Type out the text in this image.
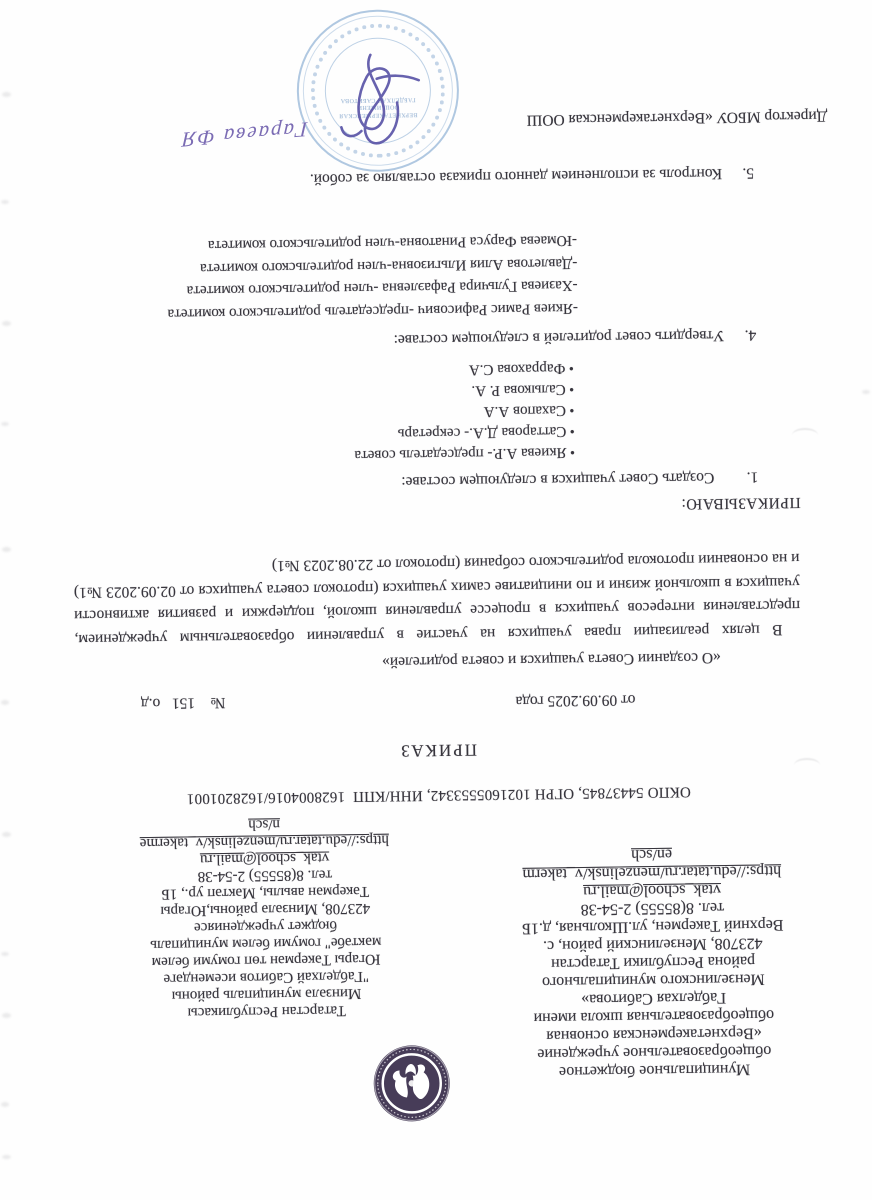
Муниципальное бюджетное
общеобразовательное учреждение
«Верхнетакерменская основная
общеобразовательная школа имени
Габделхая Сабитова»
Мензелинского муниципального
района Республики Татарстан
423708, Мензелинский район, с.
Верхний Такермен, ул.Школьная, д.1Б
тел. 8(85555) 2-54-38
vtak_school@mail.ru
https://edu.tatar.ru/menzelinsk/v_takerm
en/sch
Татарстан Республикасы
Минзәлә муниципаль районы
"Габделхай Сабитов исемендәге
Югары Тәкермән төп гомуми белем
мәктәбе" гомуми белем муниципаль
бюджет учреждениясе
423708, Минзәлә районы,Югары
Тәкермән авылы, Мәктәп ур., 1Б
тел. 8(85555) 2-54-38
vtak_school@mail.ru
https://edu.tatar.ru/menzelinsk/v_takerme
n/sch
ОКПО 54437845, ОГРН 1021605553342, ИНН/КПП  1628004016/1628201001
ПРИКАЗ
от 09.09.2025 года
№    151   о.д
«О создании Совета учащихся и совета родителей»
В целях реализации права учащихся на участие в управлении образовательным учреждением, представления интересов учащихся в процессе управления школой, поддержки и развития активности учащихся в школьной жизни и по инициативе самих учащихся (протокол совета учащихся от 02.09.2023 №1) и на основании протокола родительского собрания (протокол от 22.08.2023 №1)
ПРИКАЗЫВАЮ:
1.Создать Совет учащихся в следующем составе:
• Якиева А.Р.- председатель совета
• Саттарова Д.А.- секретарь
• Сахапов А.А
• Салыкова Р. А.
• Фаррахова С.А
4.Утвердить совет родителей в следующем составе:
-Якиев Рамис Рафисович -председатель родительского комитета
-Хазиева Гульчира Рафаэлевна -член родительского комитета
-Давлетова Алия Ильгизовна-член родительского комитета
-Юмаева Фаруса Ринатовна-член родительского комитета
5.Контроль за исполнением данного приказа оставляю за собой.
Директор МБОУ «Верхнетакерменская ООШ
ВЕРХНЕТАКЕРМЕНСКАЯ
ООШ ИМЕНИ
ГАБДЕЛХАЯ САБИТОВА
Гараева ФЯ
